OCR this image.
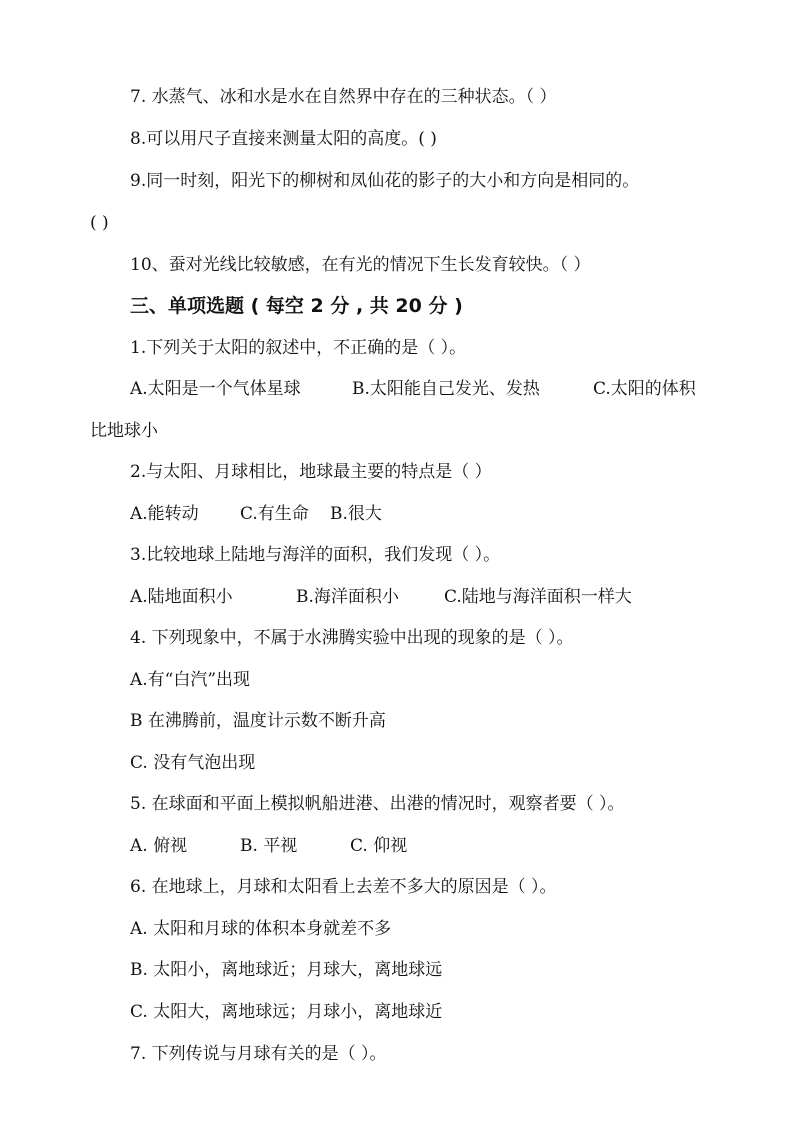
7. 水蒸气、冰和水是水在自然界中存在的三种状态。（ ）
8.可以用尺子直接来测量太阳的高度。( )
9.同一时刻，阳光下的柳树和凤仙花的影子的大小和方向是相同的。
( )
10、蚕对光线比较敏感，在有光的情况下生长发育较快。（ ）
三、单项选题 ( 每空 2 分 , 共 20 分 )
1.下列关于太阳的叙述中，不正确的是（ ）。
A.太阳是一个气体星球	B.太阳能自己发光、发热	C.太阳的体积
比地球小
2.与太阳、月球相比，地球最主要的特点是（ ）
A.能转动 C.有生命 B.很大
3.比较地球上陆地与海洋的面积，我们发现（ ）。
A.陆地面积小	B.海洋面积小	C.陆地与海洋面积一样大
4. 下列现象中，不属于水沸腾实验中出现的现象的是（ ）。
A.有“白汽”出现
B 在沸腾前，温度计示数不断升高
C. 没有气泡出现
5. 在球面和平面上模拟帆船进港、出港的情况时，观察者要（ ）。
A. 俯视	B. 平视	C. 仰视
6. 在地球上，月球和太阳看上去差不多大的原因是（ ）。
A. 太阳和月球的体积本身就差不多
B. 太阳小，离地球近；月球大，离地球远
C. 太阳大，离地球远；月球小，离地球近
7. 下列传说与月球有关的是（ ）。
